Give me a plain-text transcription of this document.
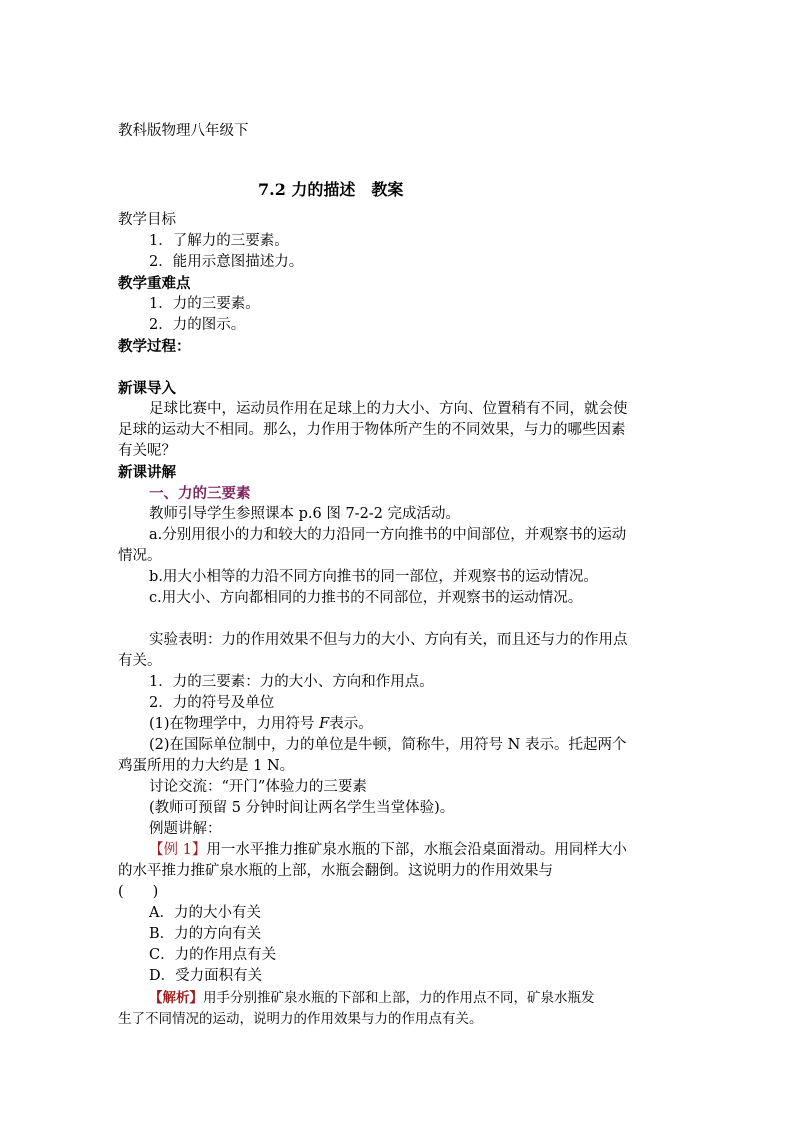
教科版物理八年级下
7.2 力的描述　教案
教学目标
1．了解力的三要素。
2．能用示意图描述力。
教学重难点
1．力的三要素。
2．力的图示。
教学过程：
新课导入
足球比赛中，运动员作用在足球上的力大小、方向、位置稍有不同，就会使
足球的运动大不相同。那么，力作用于物体所产生的不同效果，与力的哪些因素
有关呢？
新课讲解
一、力的三要素
教师引导学生参照课本 p.6 图 7-2-2 完成活动。
a.分别用很小的力和较大的力沿同一方向推书的中间部位，并观察书的运动
情况。
b.用大小相等的力沿不同方向推书的同一部位，并观察书的运动情况。
c.用大小、方向都相同的力推书的不同部位，并观察书的运动情况。
实验表明：力的作用效果不但与力的大小、方向有关，而且还与力的作用点
有关。
1．力的三要素：力的大小、方向和作用点。
2．力的符号及单位
(1)在物理学中，力用符号 F表示。
(2)在国际单位制中，力的单位是牛顿，简称牛，用符号 N 表示。托起两个
鸡蛋所用的力大约是 1 N。
讨论交流：“开门”体验力的三要素
(教师可预留 5 分钟时间让两名学生当堂体验)。
例题讲解：
【例 1】用一水平推力推矿泉水瓶的下部，水瓶会沿桌面滑动。用同样大小
的水平推力推矿泉水瓶的上部，水瓶会翻倒。这说明力的作用效果与
(　　)
A．力的大小有关
B．力的方向有关
C．力的作用点有关
D．受力面积有关
【解析】用手分别推矿泉水瓶的下部和上部，力的作用点不同，矿泉水瓶发
生了不同情况的运动，说明力的作用效果与力的作用点有关。
